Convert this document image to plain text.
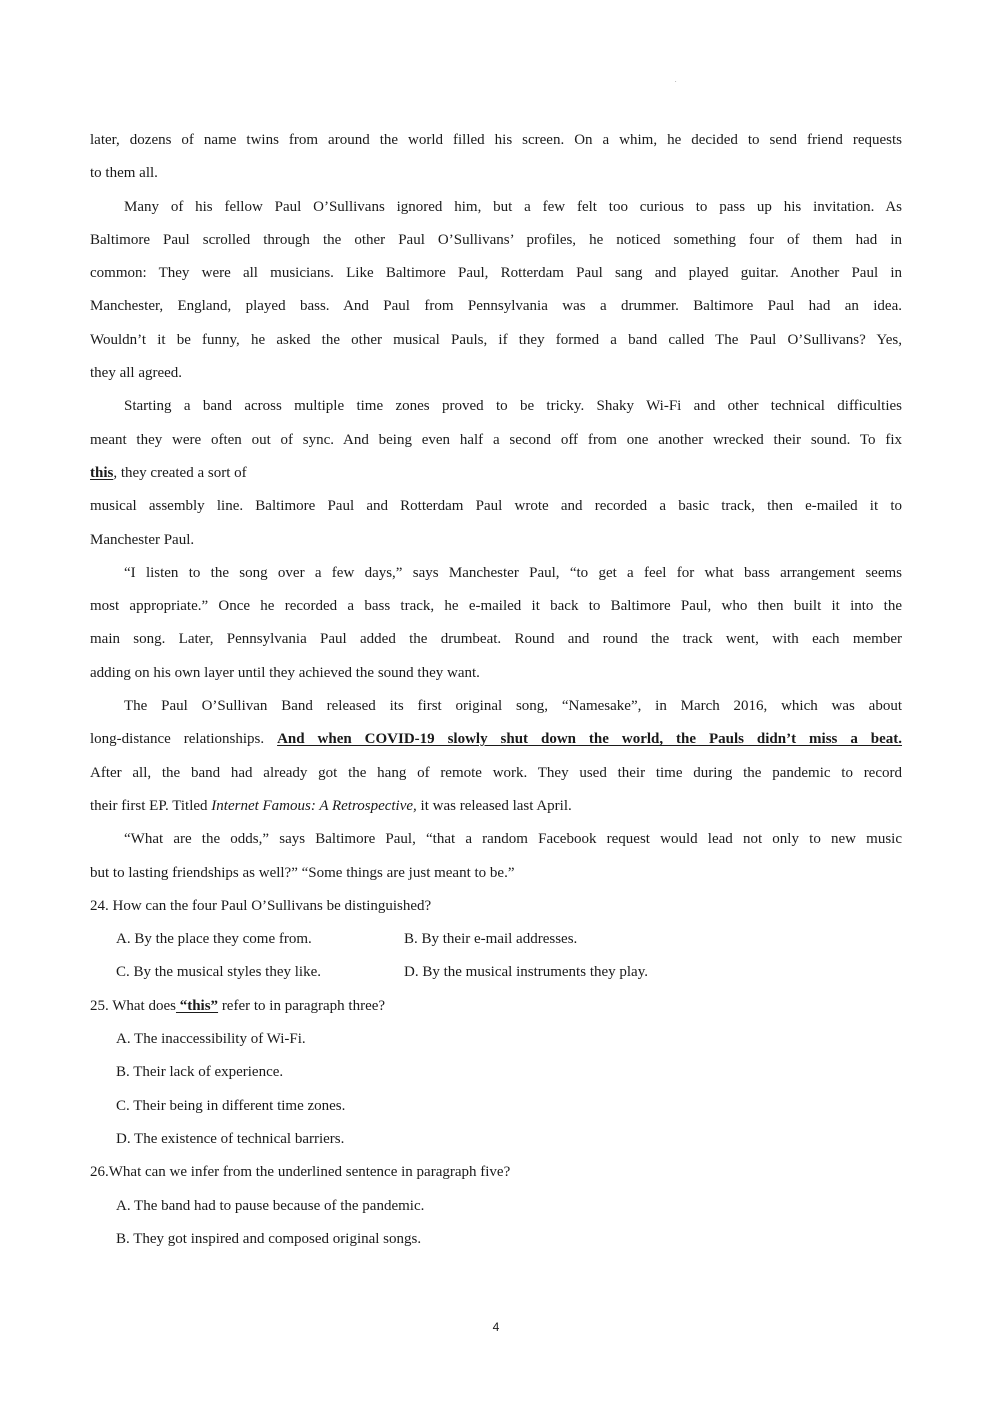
.

later, dozens of name twins from around the world filled his screen. On a whim, he decided to send friend requests

to them all.

Many of his fellow Paul O’Sullivans ignored him, but a few felt too curious to pass up his invitation. As

Baltimore Paul scrolled through the other Paul O’Sullivans’ profiles, he noticed something four of them had in

common: They were all musicians. Like Baltimore Paul, Rotterdam Paul sang and played guitar. Another Paul in

Manchester, England, played bass. And Paul from Pennsylvania was a drummer. Baltimore Paul had an idea.

Wouldn’t it be funny, he asked the other musical Pauls, if they formed a band called The Paul O’Sullivans? Yes,

they all agreed.

Starting a band across multiple time zones proved to be tricky. Shaky Wi-Fi and other technical difficulties

meant they were often out of sync. And being even half a second off from one another wrecked their sound. To fix

this, they created a sort of

musical assembly line. Baltimore Paul and Rotterdam Paul wrote and recorded a basic track, then e-mailed it to

Manchester Paul.

“I listen to the song over a few days,” says Manchester Paul, “to get a feel for what bass arrangement seems

most appropriate.” Once he recorded a bass track, he e-mailed it back to Baltimore Paul, who then built it into the

main song. Later, Pennsylvania Paul added the drumbeat. Round and round the track went, with each member

adding on his own layer until they achieved the sound they want.

The Paul O’Sullivan Band released its first original song, “Namesake”, in March 2016, which was about

long-distance relationships. And when COVID-19 slowly shut down the world, the Pauls didn’t miss a beat.

After all, the band had already got the hang of remote work. They used their time during the pandemic to record

their first EP. Titled Internet Famous: A Retrospective, it was released last April.

“What are the odds,” says Baltimore Paul, “that a random Facebook request would lead not only to new music

but to lasting friendships as well?” “Some things are just meant to be.”

24. How can the four Paul O’Sullivans be distinguished?

A. By the place they come from.	B. By their e-mail addresses.

C. By the musical styles they like.	D. By the musical instruments they play.

25. What does “this” refer to in paragraph three?

A. The inaccessibility of Wi-Fi.

B. Their lack of experience.

C. Their being in different time zones.

D. The existence of technical barriers.

26.What can we infer from the underlined sentence in paragraph five?

A. The band had to pause because of the pandemic.

B. They got inspired and composed original songs.

4
